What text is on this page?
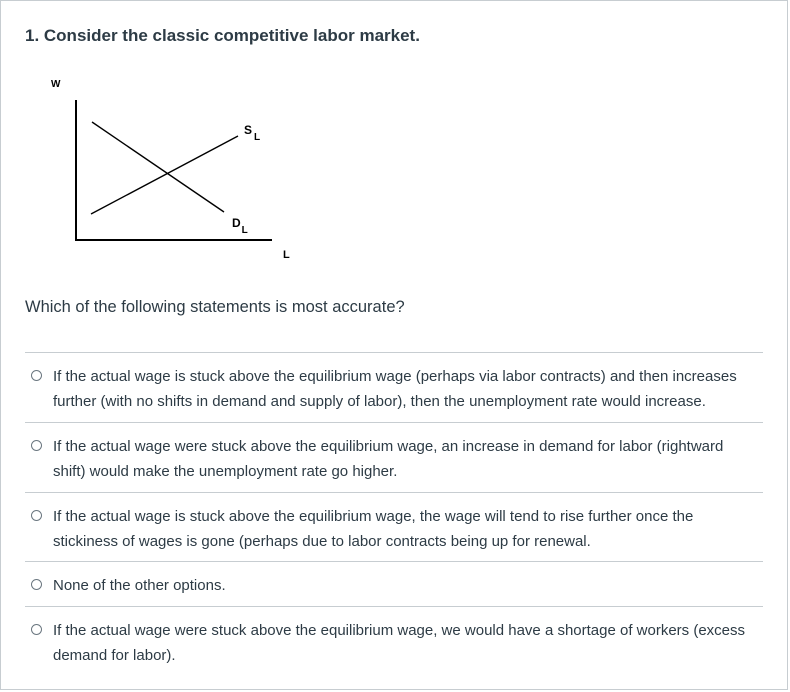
1. Consider the classic competitive labor market.
W
L
$S_L$
$D_L$
Which of the following statements is most accurate?
If the actual wage is stuck above the equilibrium wage (perhaps via labor contracts) and then increases further (with no shifts in demand and supply of labor), then the unemployment rate would increase.
If the actual wage were stuck above the equilibrium wage, an increase in demand for labor (rightward shift) would make the unemployment rate go higher.
If the actual wage is stuck above the equilibrium wage, the wage will tend to rise further once the stickiness of wages is gone (perhaps due to labor contracts being up for renewal.
None of the other options.
If the actual wage were stuck above the equilibrium wage, we would have a shortage of workers (excess demand for labor).
